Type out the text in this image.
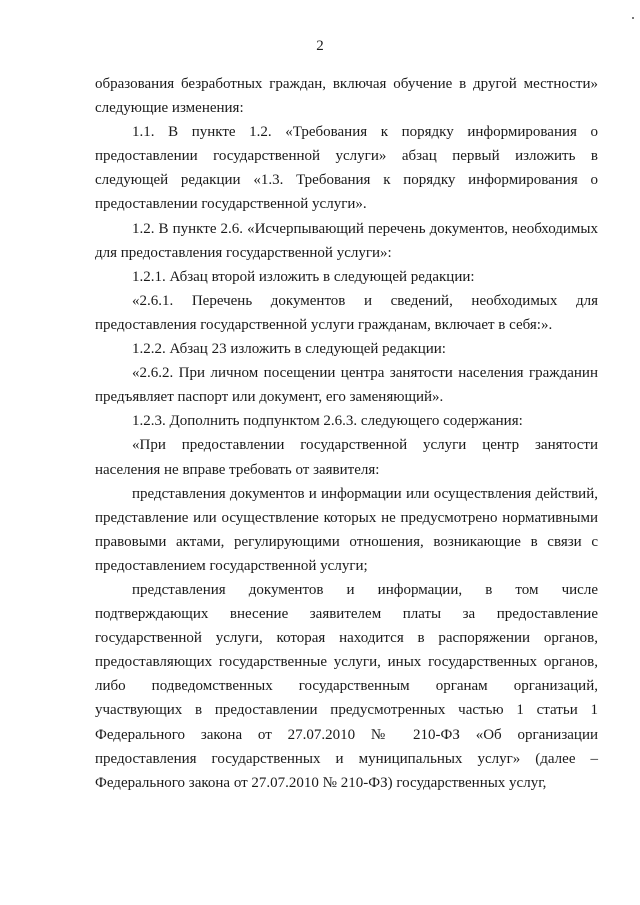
2

образования безработных граждан, включая обучение в другой местности» следующие изменения:

1.1. В пункте 1.2. «Требования к порядку информирования о предоставлении государственной услуги» абзац первый изложить в следующей редакции «1.3. Требования к порядку информирования о предоставлении государственной услуги».

1.2. В пункте 2.6. «Исчерпывающий перечень документов, необходимых для предоставления государственной услуги»:

1.2.1. Абзац второй изложить в следующей редакции:

«2.6.1. Перечень документов и сведений, необходимых для предоставления государственной услуги гражданам, включает в себя:».

1.2.2. Абзац 23 изложить в следующей редакции:

«2.6.2. При личном посещении центра занятости населения гражданин предъявляет паспорт или документ, его заменяющий».

1.2.3. Дополнить подпунктом 2.6.3. следующего содержания:

«При предоставлении государственной услуги центр занятости населения не вправе требовать от заявителя:

представления документов и информации или осуществления действий, представление или осуществление которых не предусмотрено нормативными правовыми актами, регулирующими отношения, возникающие в связи с предоставлением государственной услуги;

представления документов и информации, в том числе подтверждающих внесение заявителем платы за предоставление государственной услуги, которая находится в распоряжении органов, предоставляющих государственные услуги, иных государственных органов, либо подведомственных государственным органам организаций, участвующих в предоставлении предусмотренных частью 1 статьи 1 Федерального закона от 27.07.2010 № 210-ФЗ «Об организации предоставления государственных и муниципальных услуг» (далее – Федерального закона от 27.07.2010 № 210-ФЗ) государственных услуг,
